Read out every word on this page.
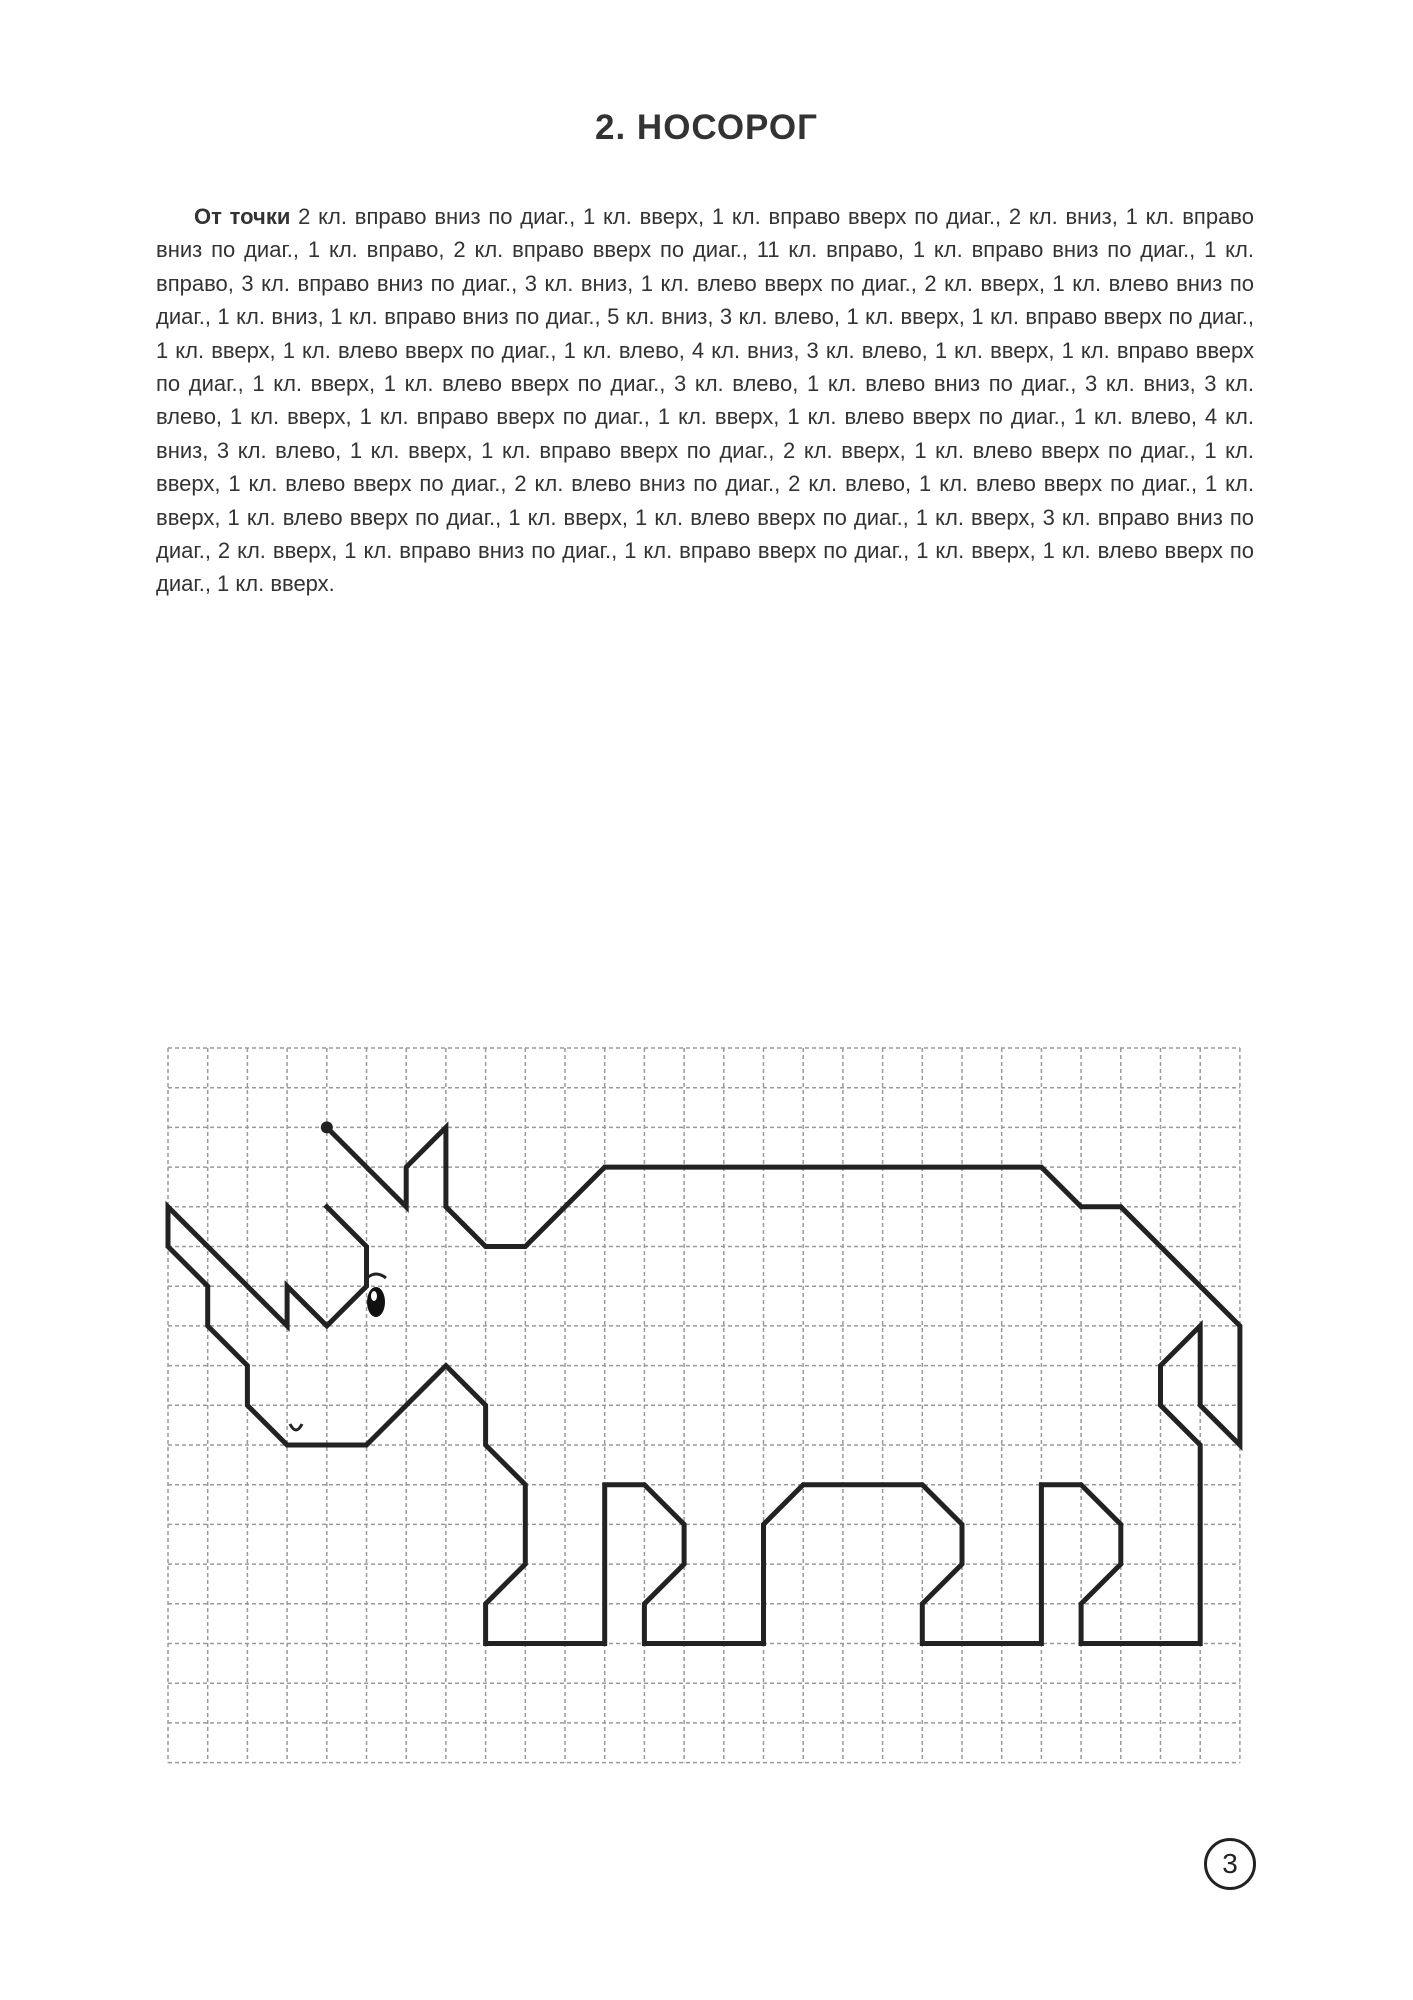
2. НОСОРОГ
От точки 2 кл. вправо вниз по диаг., 1 кл. вверх, 1 кл. вправо вверх по диаг., 2 кл. вниз, 1 кл. вправо вниз по диаг., 1 кл. вправо, 2 кл. вправо вверх по диаг., 11 кл. вправо, 1 кл. вправо вниз по диаг., 1 кл. вправо, 3 кл. вправо вниз по диаг., 3 кл. вниз, 1 кл. влево вверх по диаг., 2 кл. вверх, 1 кл. влево вниз по диаг., 1 кл. вниз, 1 кл. вправо вниз по диаг., 5 кл. вниз, 3 кл. влево, 1 кл. вверх, 1 кл. вправо вверх по диаг., 1 кл. вверх, 1 кл. влево вверх по диаг., 1 кл. влево, 4 кл. вниз, 3 кл. влево, 1 кл. вверх, 1 кл. вправо вверх по диаг., 1 кл. вверх, 1 кл. влево вверх по диаг., 3 кл. влево, 1 кл. влево вниз по диаг., 3 кл. вниз, 3 кл. влево, 1 кл. вверх, 1 кл. вправо вверх по диаг., 1 кл. вверх, 1 кл. влево вверх по диаг., 1 кл. влево, 4 кл. вниз, 3 кл. влево, 1 кл. вверх, 1 кл. вправо вверх по диаг., 2 кл. вверх, 1 кл. влево вверх по диаг., 1 кл. вверх, 1 кл. влево вверх по диаг., 2 кл. влево вниз по диаг., 2 кл. влево, 1 кл. влево вверх по диаг., 1 кл. вверх, 1 кл. влево вверх по диаг., 1 кл. вверх, 1 кл. влево вверх по диаг., 1 кл. вверх, 3 кл. вправо вниз по диаг., 2 кл. вверх, 1 кл. вправо вниз по диаг., 1 кл. вправо вверх по диаг., 1 кл. вверх, 1 кл. влево вверх по диаг., 1 кл. вверх.
3
